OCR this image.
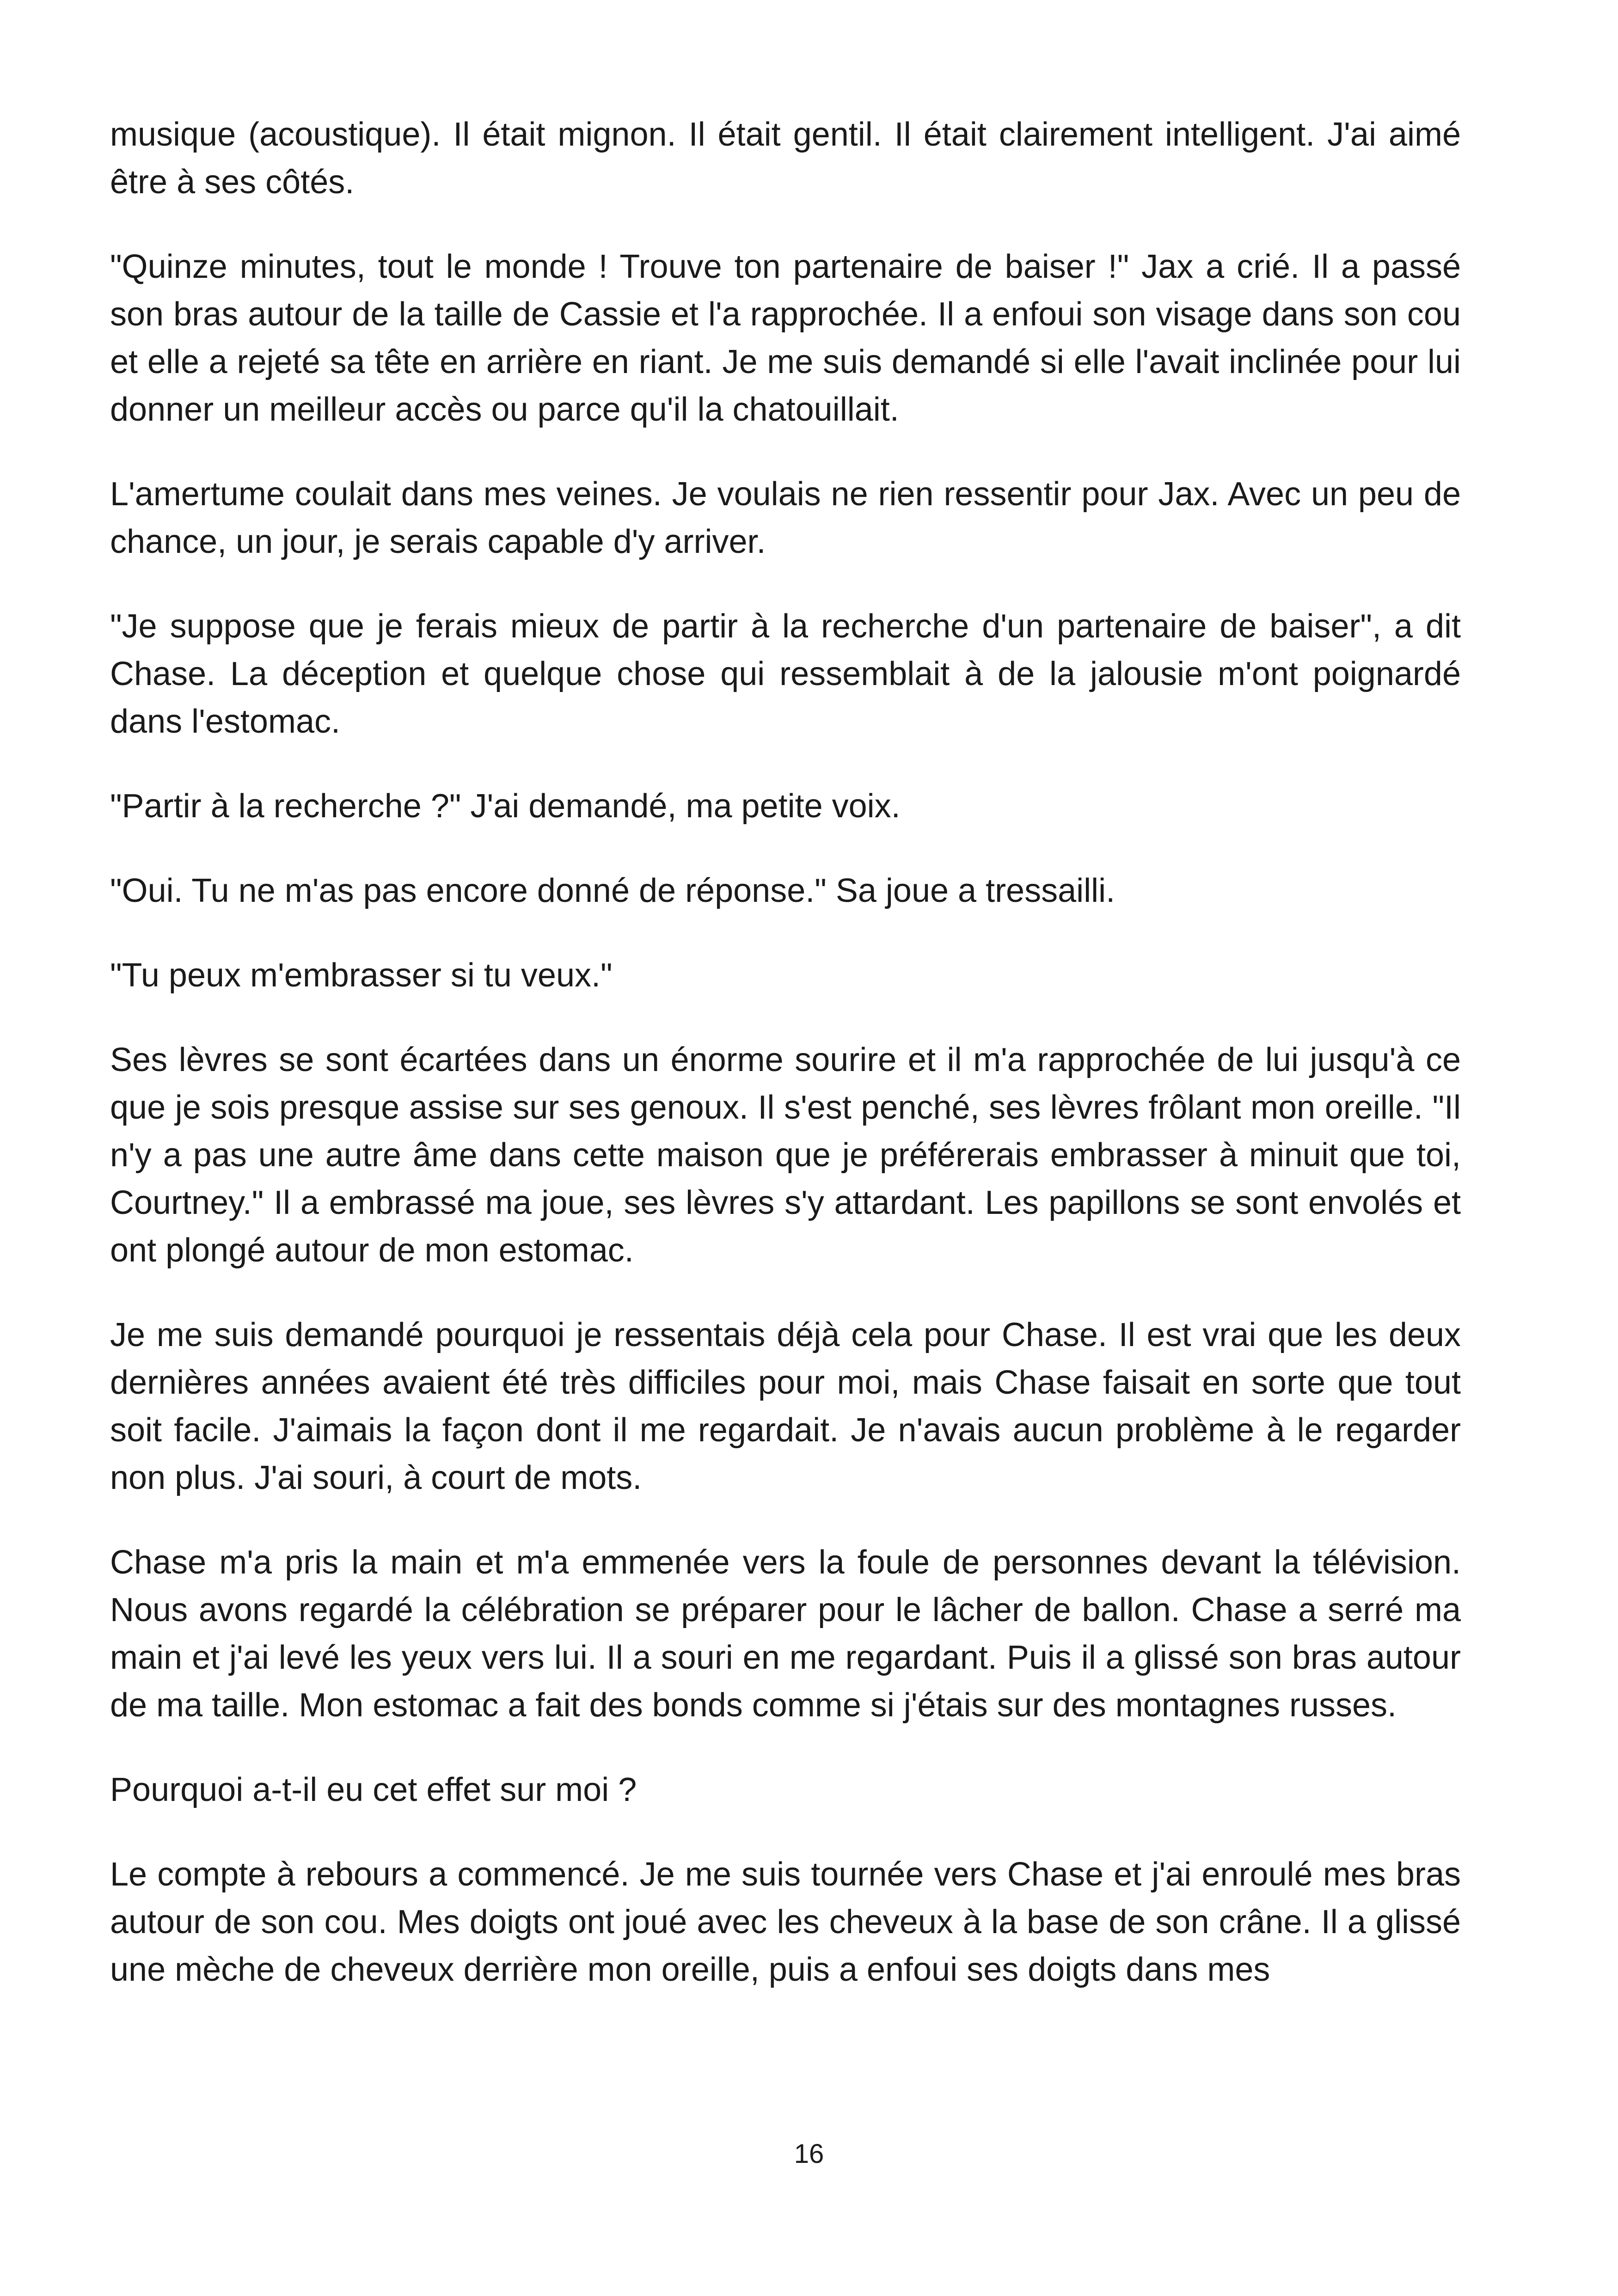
musique (acoustique). Il était mignon. Il était gentil. Il était clairement intelligent. J'ai aimé être à ses côtés.

"Quinze minutes, tout le monde ! Trouve ton partenaire de baiser !" Jax a crié. Il a passé son bras autour de la taille de Cassie et l'a rapprochée. Il a enfoui son visage dans son cou et elle a rejeté sa tête en arrière en riant. Je me suis demandé si elle l'avait inclinée pour lui donner un meilleur accès ou parce qu'il la chatouillait.

L'amertume coulait dans mes veines. Je voulais ne rien ressentir pour Jax. Avec un peu de chance, un jour, je serais capable d'y arriver.

"Je suppose que je ferais mieux de partir à la recherche d'un partenaire de baiser", a dit Chase. La déception et quelque chose qui ressemblait à de la jalousie m'ont poignardé dans l'estomac.

"Partir à la recherche ?" J'ai demandé, ma petite voix.

"Oui. Tu ne m'as pas encore donné de réponse." Sa joue a tressailli.

"Tu peux m'embrasser si tu veux."

Ses lèvres se sont écartées dans un énorme sourire et il m'a rapprochée de lui jusqu'à ce que je sois presque assise sur ses genoux. Il s'est penché, ses lèvres frôlant mon oreille. "Il n'y a pas une autre âme dans cette maison que je préférerais embrasser à minuit que toi, Courtney." Il a embrassé ma joue, ses lèvres s'y attardant. Les papillons se sont envolés et ont plongé autour de mon estomac.

Je me suis demandé pourquoi je ressentais déjà cela pour Chase. Il est vrai que les deux dernières années avaient été très difficiles pour moi, mais Chase faisait en sorte que tout soit facile. J'aimais la façon dont il me regardait. Je n'avais aucun problème à le regarder non plus. J'ai souri, à court de mots.

Chase m'a pris la main et m'a emmenée vers la foule de personnes devant la télévision. Nous avons regardé la célébration se préparer pour le lâcher de ballon. Chase a serré ma main et j'ai levé les yeux vers lui. Il a souri en me regardant. Puis il a glissé son bras autour de ma taille. Mon estomac a fait des bonds comme si j'étais sur des montagnes russes.

Pourquoi a-t-il eu cet effet sur moi ?

Le compte à rebours a commencé. Je me suis tournée vers Chase et j'ai enroulé mes bras autour de son cou. Mes doigts ont joué avec les cheveux à la base de son crâne. Il a glissé une mèche de cheveux derrière mon oreille, puis a enfoui ses doigts dans mes

16
